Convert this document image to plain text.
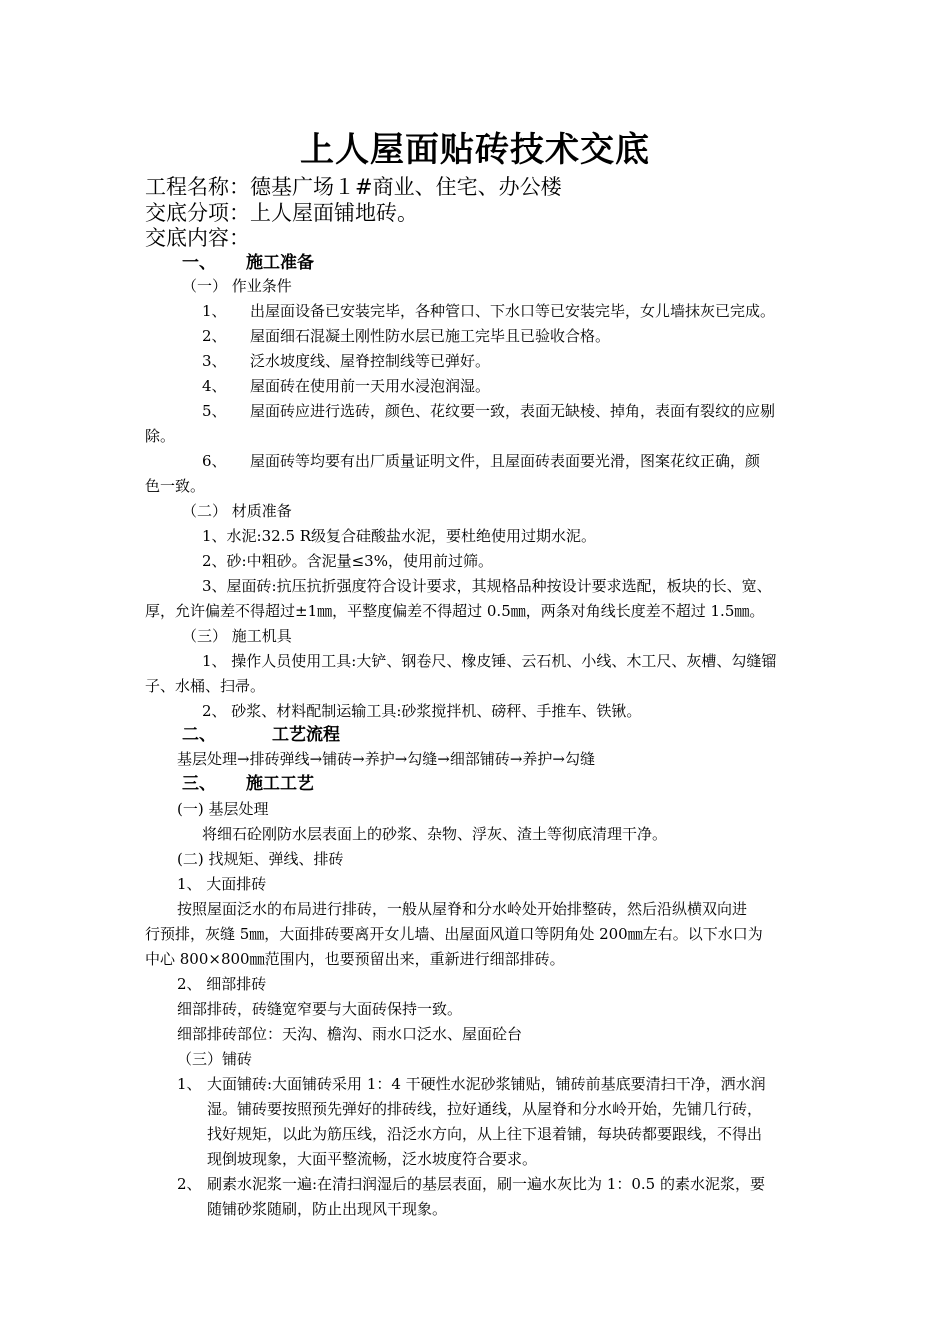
上人屋面贴砖技术交底
工程名称：德基广场１#商业、住宅、办公楼
交底分项：上人屋面铺地砖。
交底内容：
一、 施工准备
（一） 作业条件
1、 出屋面设备已安装完毕，各种管口、下水口等已安装完毕，女儿墙抹灰已完成。
2、 屋面细石混凝土刚性防水层已施工完毕且已验收合格。
3、 泛水坡度线、屋脊控制线等已弹好。
4、 屋面砖在使用前一天用水浸泡润湿。
5、 屋面砖应进行选砖，颜色、花纹要一致，表面无缺棱、掉角，表面有裂纹的应剔
除。
6、 屋面砖等均要有出厂质量证明文件，且屋面砖表面要光滑，图案花纹正确，颜
色一致。
（二） 材质准备
1、水泥:32.5 R级复合硅酸盐水泥，要杜绝使用过期水泥。
2、砂:中粗砂。含泥量≤3%，使用前过筛。
3、屋面砖:抗压抗折强度符合设计要求，其规格品种按设计要求选配，板块的长、宽、
厚，允许偏差不得超过±1㎜，平整度偏差不得超过 0.5㎜，两条对角线长度差不超过 1.5㎜。
（三） 施工机具
1、 操作人员使用工具:大铲、钢卷尺、橡皮锤、云石机、小线、木工尺、灰槽、勾缝镏
子、水桶、扫帚。
2、 砂浆、材料配制运输工具:砂浆搅拌机、磅秤、手推车、铁锹。
二、	工艺流程
基层处理→排砖弹线→铺砖→养护→勾缝→细部铺砖→养护→勾缝
三、 施工工艺
(一) 基层处理
将细石砼刚防水层表面上的砂浆、杂物、浮灰、渣土等彻底清理干净。
(二) 找规矩、弹线、排砖
1、 大面排砖
按照屋面泛水的布局进行排砖，一般从屋脊和分水岭处开始排整砖，然后沿纵横双向进
行预排，灰缝 5㎜，大面排砖要离开女儿墙、出屋面风道口等阴角处 200㎜左右。以下水口为
中心 800×800㎜范围内，也要预留出来，重新进行细部排砖。
2、 细部排砖
细部排砖，砖缝宽窄要与大面砖保持一致。
细部排砖部位：天沟、檐沟、雨水口泛水、屋面砼台
（三）铺砖
1、 大面铺砖:大面铺砖采用 1：4 干硬性水泥砂浆铺贴，铺砖前基底要清扫干净，洒水润
湿。铺砖要按照预先弹好的排砖线，拉好通线，从屋脊和分水岭开始，先铺几行砖，
找好规矩，以此为筋压线，沿泛水方向，从上往下退着铺，每块砖都要跟线，不得出
现倒坡现象，大面平整流畅，泛水坡度符合要求。
2、 刷素水泥浆一遍:在清扫润湿后的基层表面，刷一遍水灰比为 1：0.5 的素水泥浆，要
随铺砂浆随刷，防止出现风干现象。
